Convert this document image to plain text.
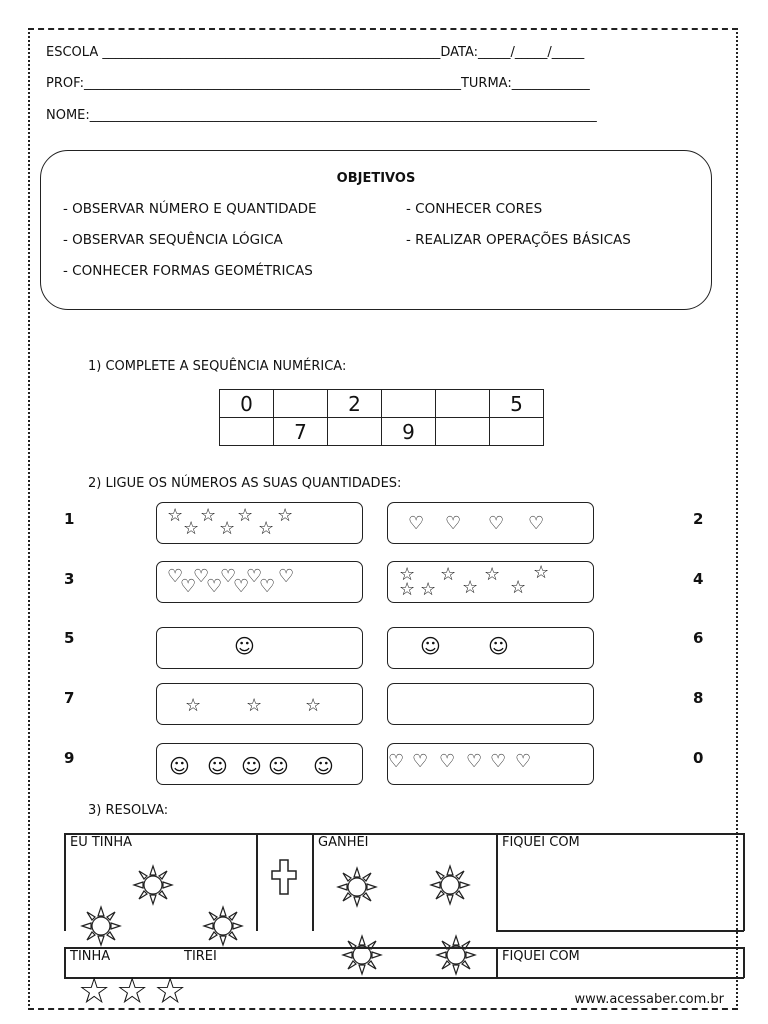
ESCOLA ____________________________________________________DATA:_____/_____/_____
PROF:__________________________________________________________TURMA:____________
NOME:______________________________________________________________________________
OBJETIVOS
- OBSERVAR NÚMERO E QUANTIDADE
- OBSERVAR SEQUÊNCIA LÓGICA
- CONHECER FORMAS GEOMÉTRICAS
- CONHECER CORES
- REALIZAR OPERAÇÕES BÁSICAS
1) COMPLETE A SEQUÊNCIA NUMÉRICA:
0		2			5
	7		9		
2) LIGUE OS NÚMEROS AS SUAS QUANTIDADES:
1
3
5
7
9
2
4
6
8
0
☆
☆
☆
☆
☆
☆
☆
♡
♡
♡
♡
♡
♡
♡
♡ ♡
☺
☆ ☆ ☆
☺ ☺ ☺ ☺ ☺
♡ ♡ ♡ ♡
☆
☆ ☆
☆
☆
☆
☆
☆
☺ ☺
♡ ♡ ♡ ♡ ♡ ♡
3) RESOLVA:
EU TINHA	GANHEI	FIQUEI COM
TINHA	TIREI	FIQUEI COM
☆ ☆ ☆	www.acessaber.com.br
